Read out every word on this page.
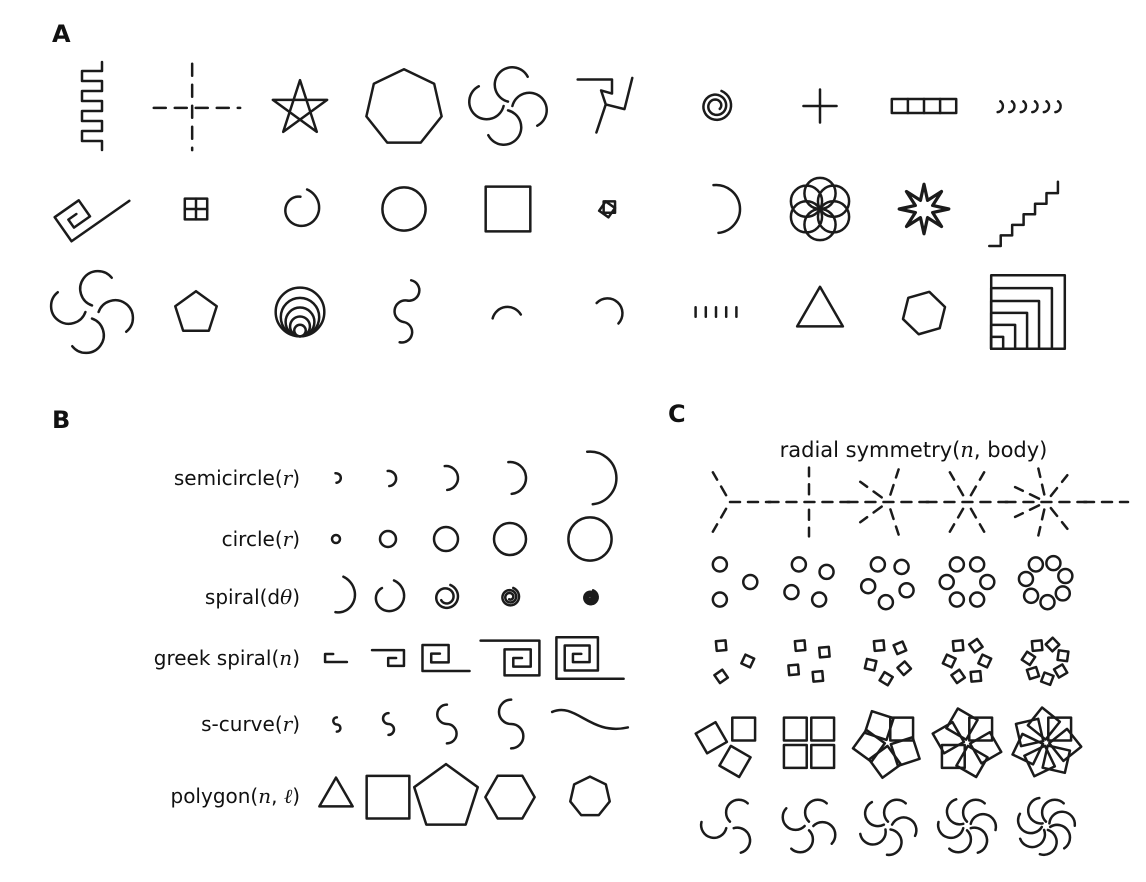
A
B	C
semicircle(r)
circle(r)
spiral(dθ)
greek spiral(n)
s-curve(r)
polygon(n, ℓ)
radial symmetry(n, body)
